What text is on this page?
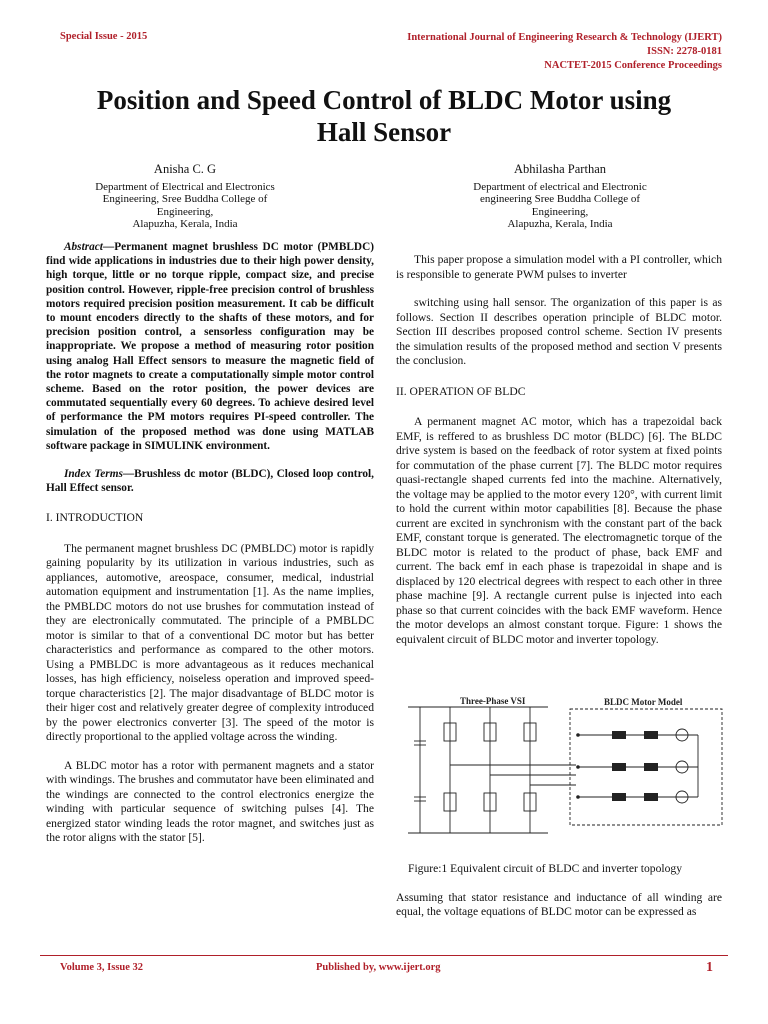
Special Issue - 2015	International Journal of Engineering Research & Technology (IJERT)
ISSN: 2278-0181
NACTET-2015 Conference Proceedings
Position and Speed Control of BLDC Motor using
Hall Sensor
Anisha C. G
Department of Electrical and Electronics
Engineering, Sree Buddha College of
Engineering,
Alapuzha, Kerala, India
Abhilasha Parthan
Department of electrical and Electronic
engineering Sree Buddha College of
Engineering,
Alapuzha, Kerala, India

Abstract—Permanent magnet brushless DC motor (PMBLDC) find wide applications in industries due to their high power density, high torque, little or no torque ripple, compact size, and precise position control. However, ripple-free precision control of brushless motors required precision position measurement. It cab be difficult to mount encoders directly to the shafts of these motors, and for precision position control, a sensorless configuration may be inappropriate. We propose a method of measuring rotor position using analog Hall Effect sensors to measure the magnetic field of the rotor magnets to create a computationally simple motor control scheme. Based on the rotor position, the power devices are commutated sequentially every 60 degrees. To achieve desired level of performance the PM motors requires PI-speed controller. The simulation of the proposed method was done using MATLAB software package in SIMULINK environment.

Index Terms—Brushless dc motor (BLDC), Closed loop control, Hall Effect sensor.

I. INTRODUCTION

The permanent magnet brushless DC (PMBLDC) motor is rapidly gaining popularity by its utilization in various industries, such as appliances, automotive, areospace, consumer, medical, industrial automation equipment and instrumentation [1]. As the name implies, the PMBLDC motors do not use brushes for commutation instead of they are electronically commutated. The principle of a PMBLDC motor is similar to that of a conventional DC motor but has better characteristics and performance as compared to the other motors. Using a PMBLDC is more advantageous as it reduces mechanical losses, has high efficiency, noiseless operation and improved speed-torque characteristics [2]. The major disadvantage of BLDC motor is their higer cost and relatively greater degree of complexity introduced by the power electronics converter [3]. The speed of the motor is directly proportional to the applied voltage across the winding.

A BLDC motor has a rotor with permanent magnets and a stator with windings. The brushes and commutator have been eliminated and the windings are connected to the control electronics energize the winding with particular sequence of switching pulses [4]. The energized stator winding leads the rotor magnet, and switches just as the rotor aligns with the stator [5].

This paper propose a simulation model with a PI controller, which is responsible to generate PWM pulses to inverter

switching using hall sensor. The organization of this paper is as follows. Section II describes operation principle of BLDC motor. Section III describes proposed control scheme. Section IV presents the simulation results of the proposed method and section V presents the conclusion.

II. OPERATION OF BLDC

A permanent magnet AC motor, which has a trapezoidal back EMF, is reffered to as brushless DC motor (BLDC) [6]. The BLDC drive system is based on the feedback of rotor system at fixed points for commutation of the phase current [7]. The BLDC motor requires quasi-rectangle shaped currents fed into the machine. Alternatively, the voltage may be applied to the motor every 120°, with current limit to hold the current within motor capabilities [8]. Because the phase current are excited in synchronism with the constant part of the back EMF, constant torque is generated. The electromagnetic torque of the BLDC motor is related to the product of phase, back EMF and current. The back emf in each phase is trapezoidal in shape and is displaced by 120 electrical degrees with respect to each other in three phase machine [9]. A rectangle current pulse is injected into each phase so that current coincides with the back EMF waveform. Hence the motor develops an almost constant torque. Figure: 1 shows the equivalent circuit of BLDC motor and inverter topology.

Three-Phase VSI	BLDC Motor Model

Figure:1 Equivalent circuit of BLDC and inverter topology

Assuming that stator resistance and inductance of all winding are equal, the voltage equations of BLDC motor can be expressed as

Volume 3, Issue 32	Published by, www.ijert.org	1
